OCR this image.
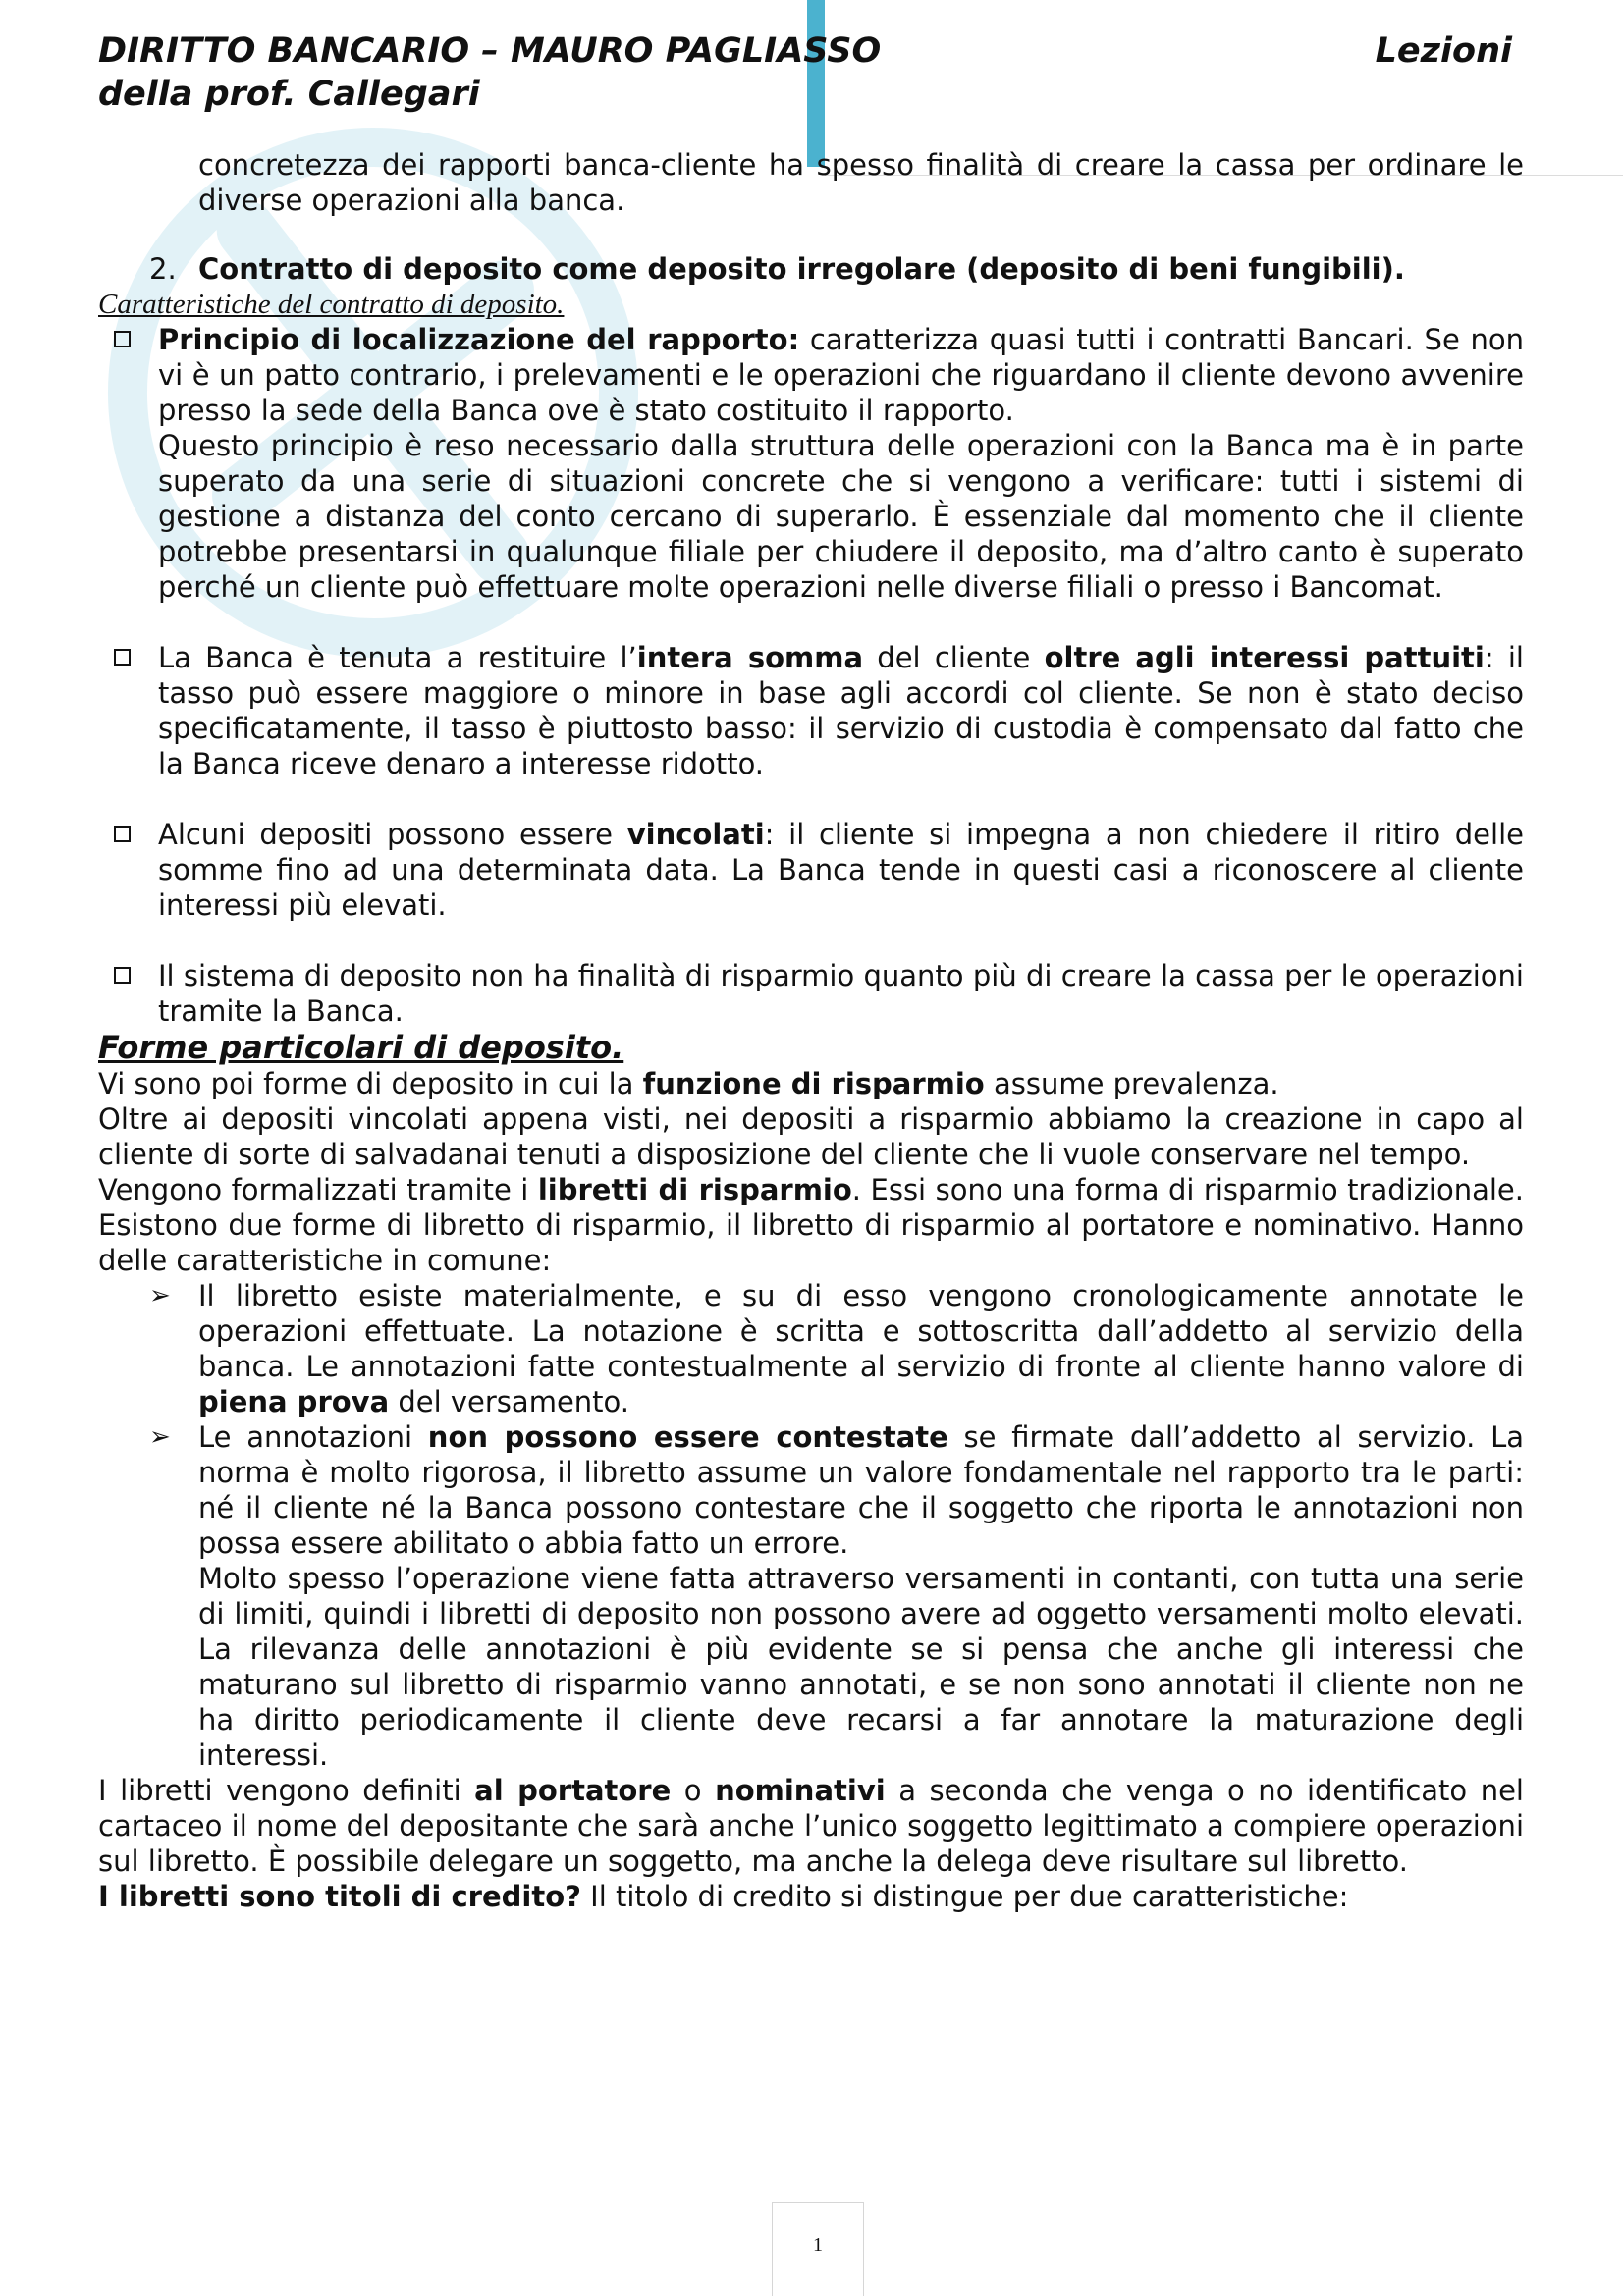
DIRITTO BANCARIO – MAURO PAGLIASSO	Lezioni
della prof. Callegari

concretezza dei rapporti banca-cliente ha spesso finalità di creare la cassa per ordinare le diverse operazioni alla banca.

2. Contratto di deposito come deposito irregolare (deposito di beni fungibili).

Caratteristiche del contratto di deposito.

Principio di localizzazione del rapporto: caratterizza quasi tutti i contratti Bancari. Se non vi è un patto contrario, i prelevamenti e le operazioni che riguardano il cliente devono avvenire presso la sede della Banca ove è stato costituito il rapporto.

Questo principio è reso necessario dalla struttura delle operazioni con la Banca ma è in parte superato da una serie di situazioni concrete che si vengono a verificare: tutti i sistemi di gestione a distanza del conto cercano di superarlo. È essenziale dal momento che il cliente potrebbe presentarsi in qualunque filiale per chiudere il deposito, ma d’altro canto è superato perché un cliente può effettuare molte operazioni nelle diverse filiali o presso i Bancomat.

La Banca è tenuta a restituire l’intera somma del cliente oltre agli interessi pattuiti: il tasso può essere maggiore o minore in base agli accordi col cliente. Se non è stato deciso specificatamente, il tasso è piuttosto basso: il servizio di custodia è compensato dal fatto che la Banca riceve denaro a interesse ridotto.

Alcuni depositi possono essere vincolati: il cliente si impegna a non chiedere il ritiro delle somme fino ad una determinata data. La Banca tende in questi casi a riconoscere al cliente interessi più elevati.

Il sistema di deposito non ha finalità di risparmio quanto più di creare la cassa per le operazioni tramite la Banca.

Forme particolari di deposito.

Vi sono poi forme di deposito in cui la funzione di risparmio assume prevalenza.

Oltre ai depositi vincolati appena visti, nei depositi a risparmio abbiamo la creazione in capo al cliente di sorte di salvadanai tenuti a disposizione del cliente che li vuole conservare nel tempo.

Vengono formalizzati tramite i libretti di risparmio. Essi sono una forma di risparmio tradizionale. Esistono due forme di libretto di risparmio, il libretto di risparmio al portatore e nominativo. Hanno delle caratteristiche in comune:

➢ Il libretto esiste materialmente, e su di esso vengono cronologicamente annotate le operazioni effettuate. La notazione è scritta e sottoscritta dall’addetto al servizio della banca. Le annotazioni fatte contestualmente al servizio di fronte al cliente hanno valore di piena prova del versamento.

➢ Le annotazioni non possono essere contestate se firmate dall’addetto al servizio. La norma è molto rigorosa, il libretto assume un valore fondamentale nel rapporto tra le parti: né il cliente né la Banca possono contestare che il soggetto che riporta le annotazioni non possa essere abilitato o abbia fatto un errore.

Molto spesso l’operazione viene fatta attraverso versamenti in contanti, con tutta una serie di limiti, quindi i libretti di deposito non possono avere ad oggetto versamenti molto elevati. La rilevanza delle annotazioni è più evidente se si pensa che anche gli interessi che maturano sul libretto di risparmio vanno annotati, e se non sono annotati il cliente non ne ha diritto periodicamente il cliente deve recarsi a far annotare la maturazione degli interessi.

I libretti vengono definiti al portatore o nominativi a seconda che venga o no identificato nel cartaceo il nome del depositante che sarà anche l’unico soggetto legittimato a compiere operazioni sul libretto. È possibile delegare un soggetto, ma anche la delega deve risultare sul libretto.

I libretti sono titoli di credito? Il titolo di credito si distingue per due caratteristiche:

1
